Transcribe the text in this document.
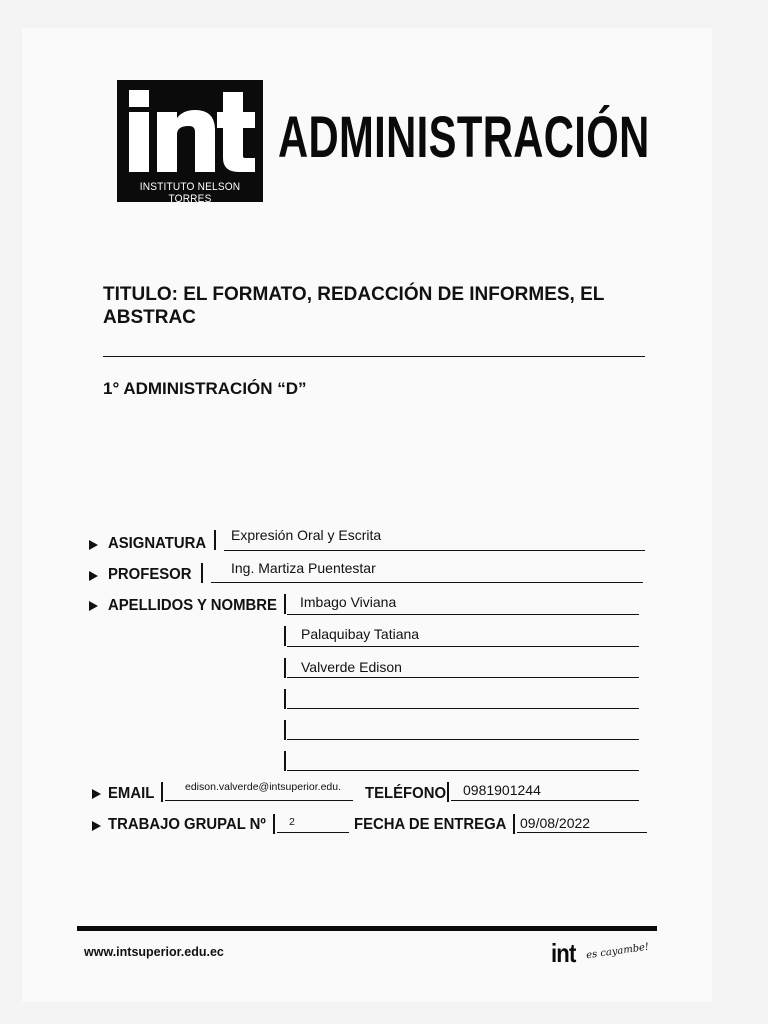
INSTITUTO NELSON TORRES
ADMINISTRACIÓN
TITULO: EL FORMATO, REDACCIÓN DE INFORMES, EL ABSTRAC
1° ADMINISTRACIÓN “D”
ASIGNATURA Expresión Oral y Escrita
PROFESOR	Ing. Martiza Puentestar
APELLIDOS Y NOMBRE Imbago Viviana
Palaquibay Tatiana
Valverde Edison
EMAIL	edison.valverde@intsuperior.edu. TELÉFONO 0981901244
TRABAJO GRUPAL Nº 2	FECHA DE ENTREGA 09/08/2022
www.intsuperior.edu.ec	int es cayambe!
